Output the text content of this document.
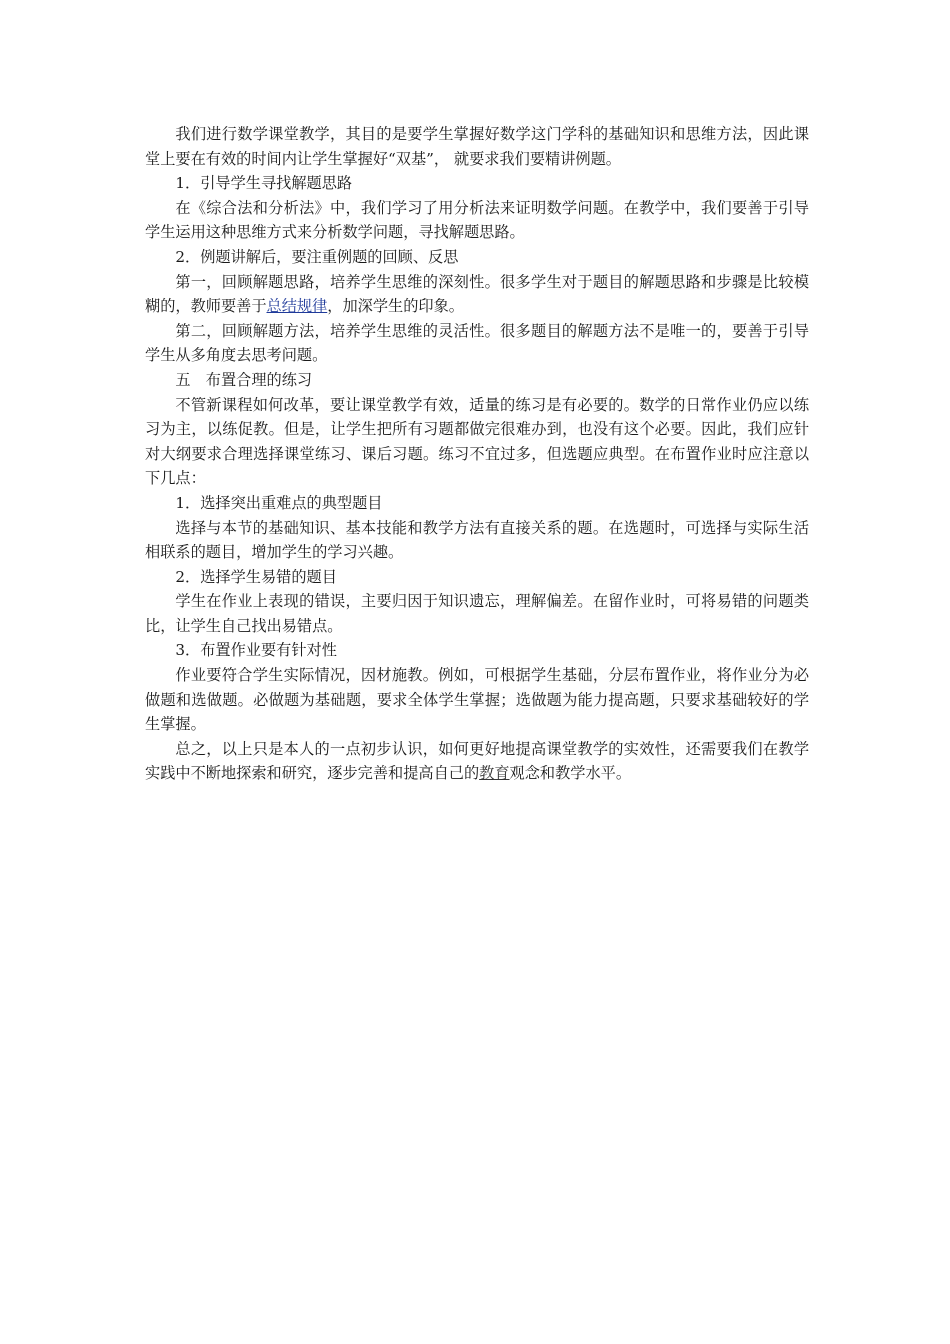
我们进行数学课堂教学，其目的是要学生掌握好数学这门学科的基础知识和思维方法，因此课堂上要在有效的时间内让学生掌握好“双基”， 就要求我们要精讲例题。

1．引导学生寻找解题思路

在《综合法和分析法》中，我们学习了用分析法来证明数学问题。在教学中，我们要善于引导学生运用这种思维方式来分析数学问题，寻找解题思路。

2．例题讲解后，要注重例题的回顾、反思

第一，回顾解题思路，培养学生思维的深刻性。很多学生对于题目的解题思路和步骤是比较模糊的，教师要善于总结规律，加深学生的印象。

第二，回顾解题方法，培养学生思维的灵活性。很多题目的解题方法不是唯一的，要善于引导学生从多角度去思考问题。

五　布置合理的练习

不管新课程如何改革，要让课堂教学有效，适量的练习是有必要的。数学的日常作业仍应以练习为主，以练促教。但是，让学生把所有习题都做完很难办到，也没有这个必要。因此，我们应针对大纲要求合理选择课堂练习、课后习题。练习不宜过多，但选题应典型。在布置作业时应注意以下几点：

1．选择突出重难点的典型题目

选择与本节的基础知识、基本技能和教学方法有直接关系的题。在选题时，可选择与实际生活相联系的题目，增加学生的学习兴趣。

2．选择学生易错的题目

学生在作业上表现的错误，主要归因于知识遗忘，理解偏差。在留作业时，可将易错的问题类比，让学生自己找出易错点。

3．布置作业要有针对性

作业要符合学生实际情况，因材施教。例如，可根据学生基础，分层布置作业，将作业分为必做题和选做题。必做题为基础题，要求全体学生掌握；选做题为能力提高题，只要求基础较好的学生掌握。

总之，以上只是本人的一点初步认识，如何更好地提高课堂教学的实效性，还需要我们在教学实践中不断地探索和研究，逐步完善和提高自己的教育观念和教学水平。
